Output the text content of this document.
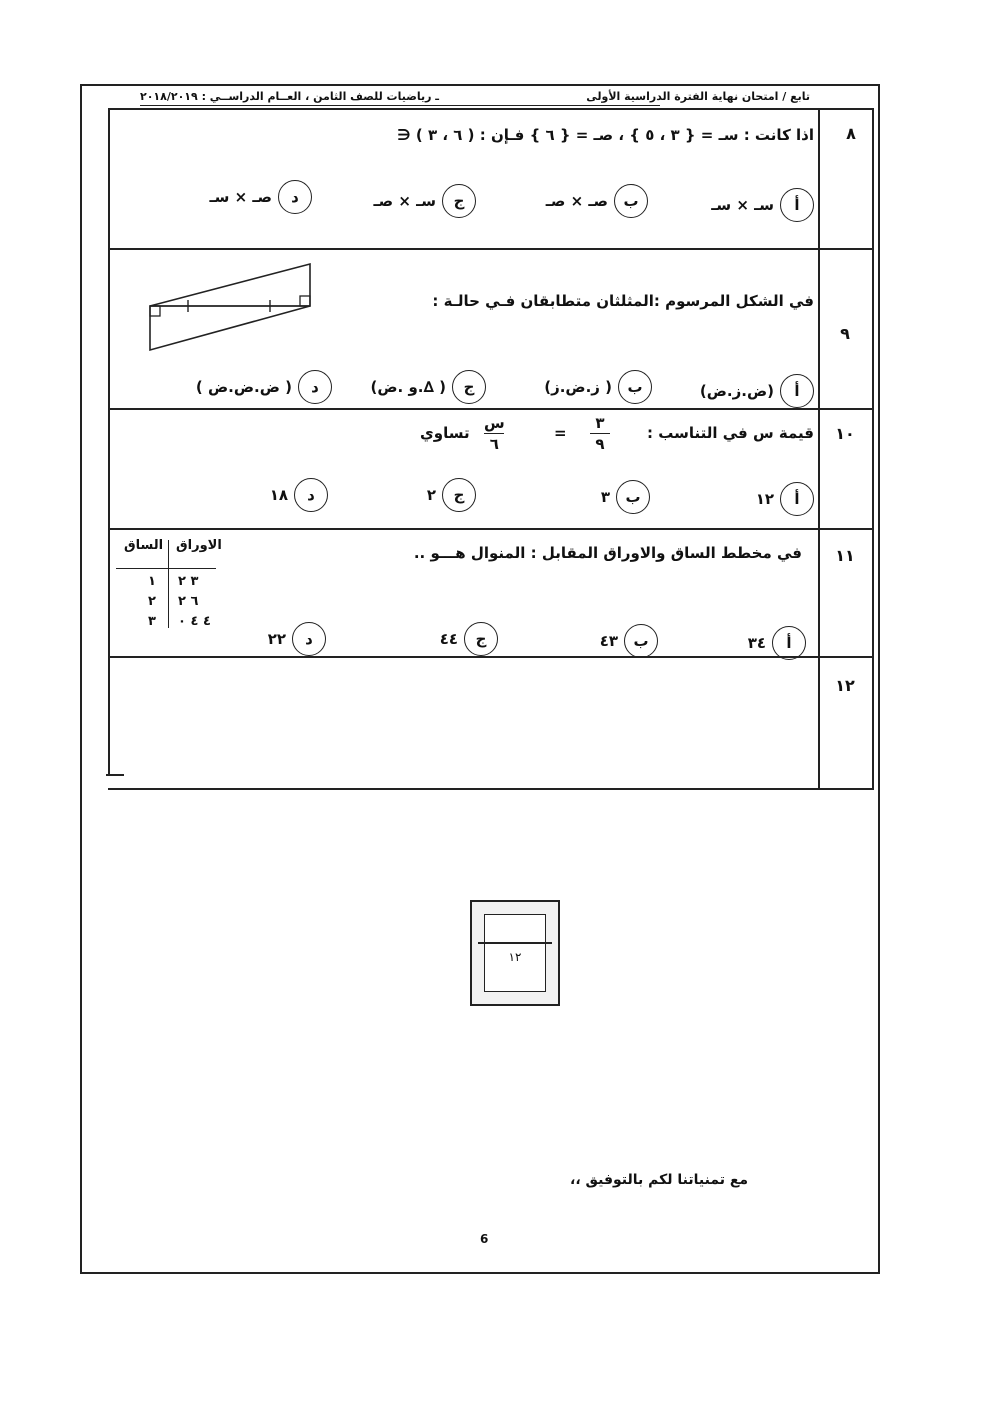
تابع / امتحان نهاية الفترة الدراسية الأولى
ـ رياضيات للصف الثامن ، العــام الدراســي : ٢٠١٨/٢٠١٩
٨
اذا كانت : سـ = { ٣ ، ٥ } ، صـ = { ٦ } فـإن : ( ٦ ، ٣ ) ∈
أ
سـ × سـ
ب
صـ × صـ
ج
سـ × صـ
د
صـ × سـ
٩
في الشكل المرسوم :المثلثان متطابقان فـي حالـة :
أ
(ض.ز.ض)
ب
( ز.ض.ز)
ج
( ∆.و .ض)
د
( ض.ض.ض )
١٠
قيمة س في التناسب :
٣
٩
=
س
٦
تساوي
أ
١٢
ب
٣
ج
٢
د
١٨
١١
في مخطط الساق والاوراق المقابل : المنوال هـــو ..
الساق الاوراق
١ ٣ ٢
٢ ٦ ٢
٣ ٤ ٤ ٠
أ
٣٤
ب
٤٣
ج
٤٤
د
٢٢
١٢
١٢
مع تمنياتنا لكم بالتوفيق ،،
6
